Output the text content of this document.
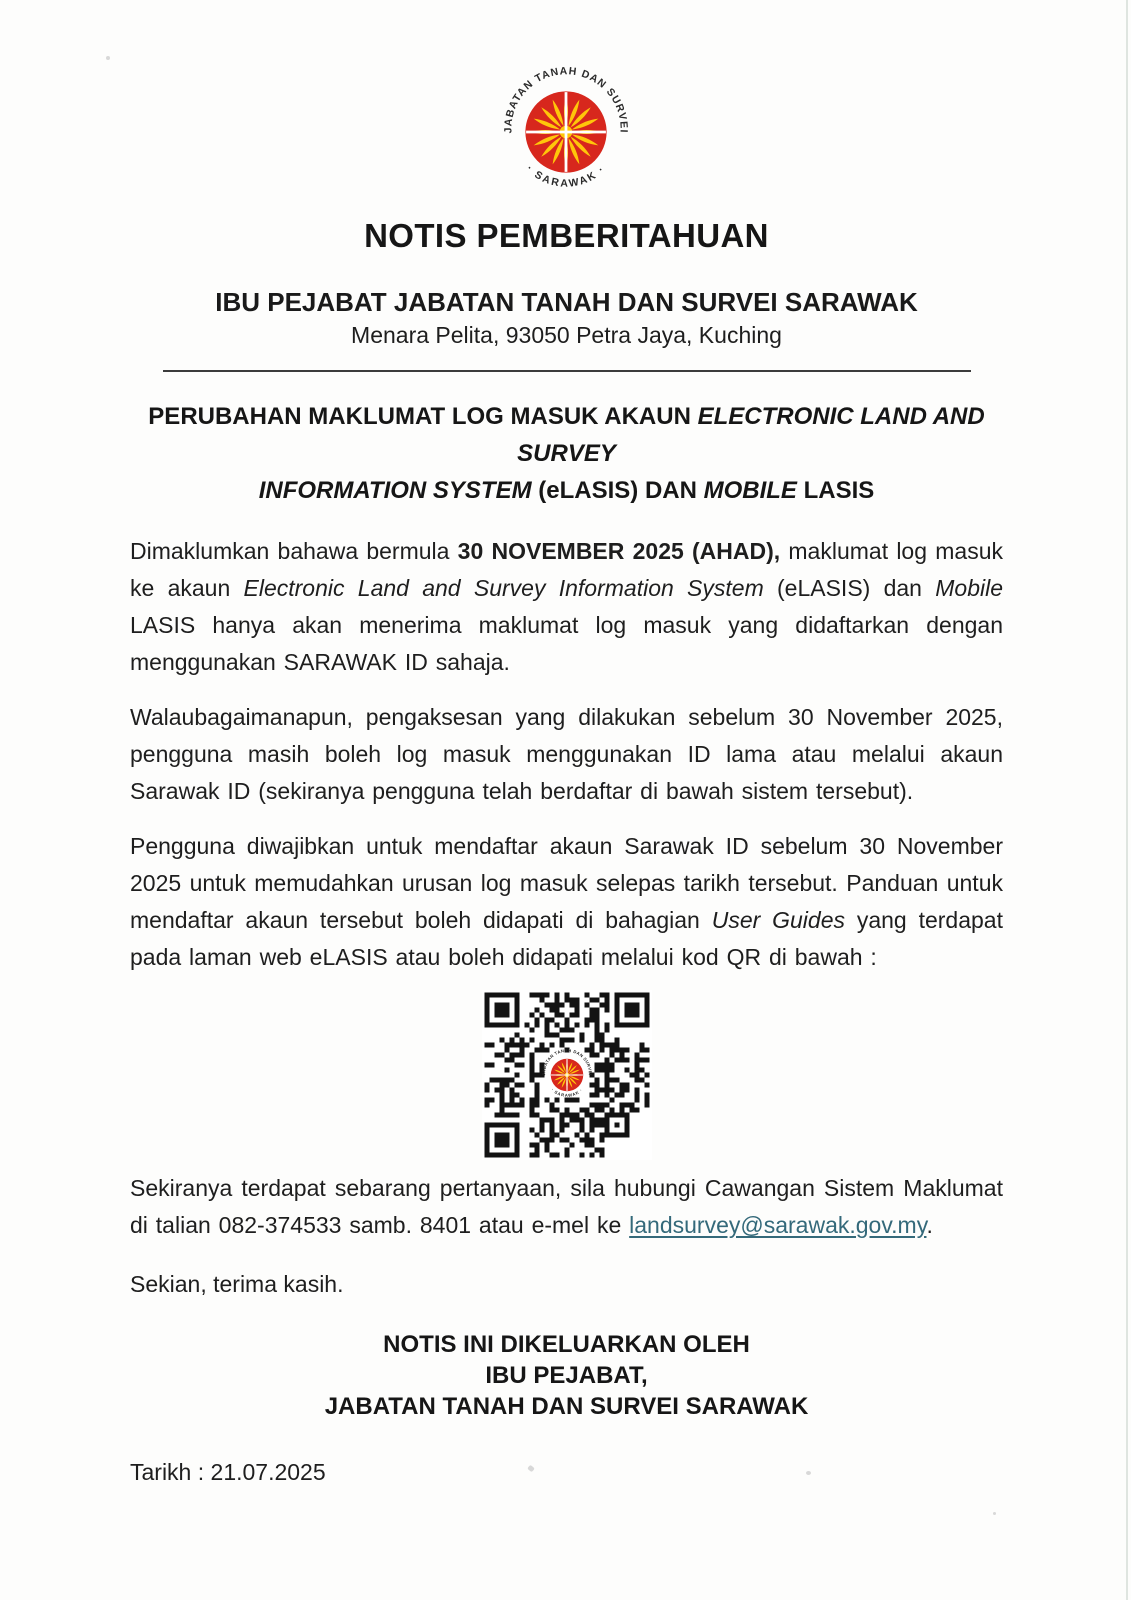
NOTIS PEMBERITAHUAN
IBU PEJABAT JABATAN TANAH DAN SURVEI SARAWAK
Menara Pelita, 93050 Petra Jaya, Kuching
PERUBAHAN MAKLUMAT LOG MASUK AKAUN ELECTRONIC LAND AND SURVEY
INFORMATION SYSTEM (eLASIS) DAN MOBILE LASIS

Dimaklumkan bahawa bermula 30 NOVEMBER 2025 (AHAD), maklumat log masuk ke akaun Electronic Land and Survey Information System (eLASIS) dan Mobile LASIS hanya akan menerima maklumat log masuk yang didaftarkan dengan menggunakan SARAWAK ID sahaja.

Walaubagaimanapun, pengaksesan yang dilakukan sebelum 30 November 2025, pengguna masih boleh log masuk menggunakan ID lama atau melalui akaun Sarawak ID (sekiranya pengguna telah berdaftar di bawah sistem tersebut).

Pengguna diwajibkan untuk mendaftar akaun Sarawak ID sebelum 30 November 2025 untuk memudahkan urusan log masuk selepas tarikh tersebut. Panduan untuk mendaftar akaun tersebut boleh didapati di bahagian User Guides yang terdapat pada laman web eLASIS atau boleh didapati melalui kod QR di bawah :

Sekiranya terdapat sebarang pertanyaan, sila hubungi Cawangan Sistem Maklumat di talian 082-374533 samb. 8401 atau e-mel ke landsurvey@sarawak.gov.my.

Sekian, terima kasih.
NOTIS INI DIKELUARKAN OLEH
IBU PEJABAT,
JABATAN TANAH DAN SURVEI SARAWAK
Tarikh : 21.07.2025
